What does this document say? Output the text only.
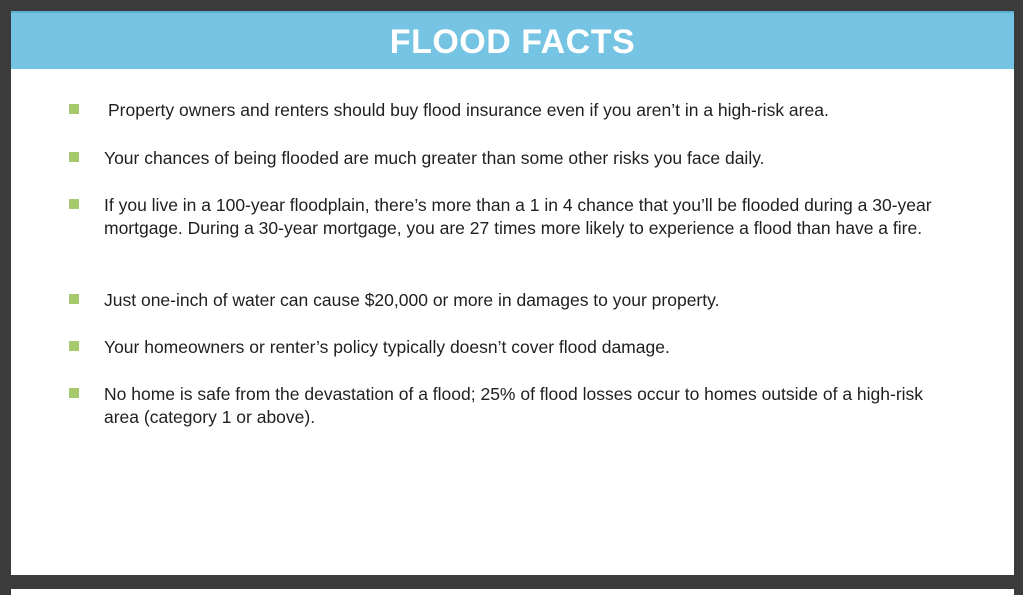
FLOOD FACTS
Property owners and renters should buy flood insurance even if you aren’t in a high-risk area.
Your chances of being flooded are much greater than some other risks you face daily.
If you live in a 100-year floodplain, there’s more than a 1 in 4 chance that you’ll be flooded during a 30-year mortgage. During a 30-year mortgage, you are 27 times more likely to experience a flood than have a fire.
Just one-inch of water can cause $20,000 or more in damages to your property.
Your homeowners or renter’s policy typically doesn’t cover flood damage.
No home is safe from the devastation of a flood; 25% of flood losses occur to homes outside of a high-risk area (category 1 or above).
